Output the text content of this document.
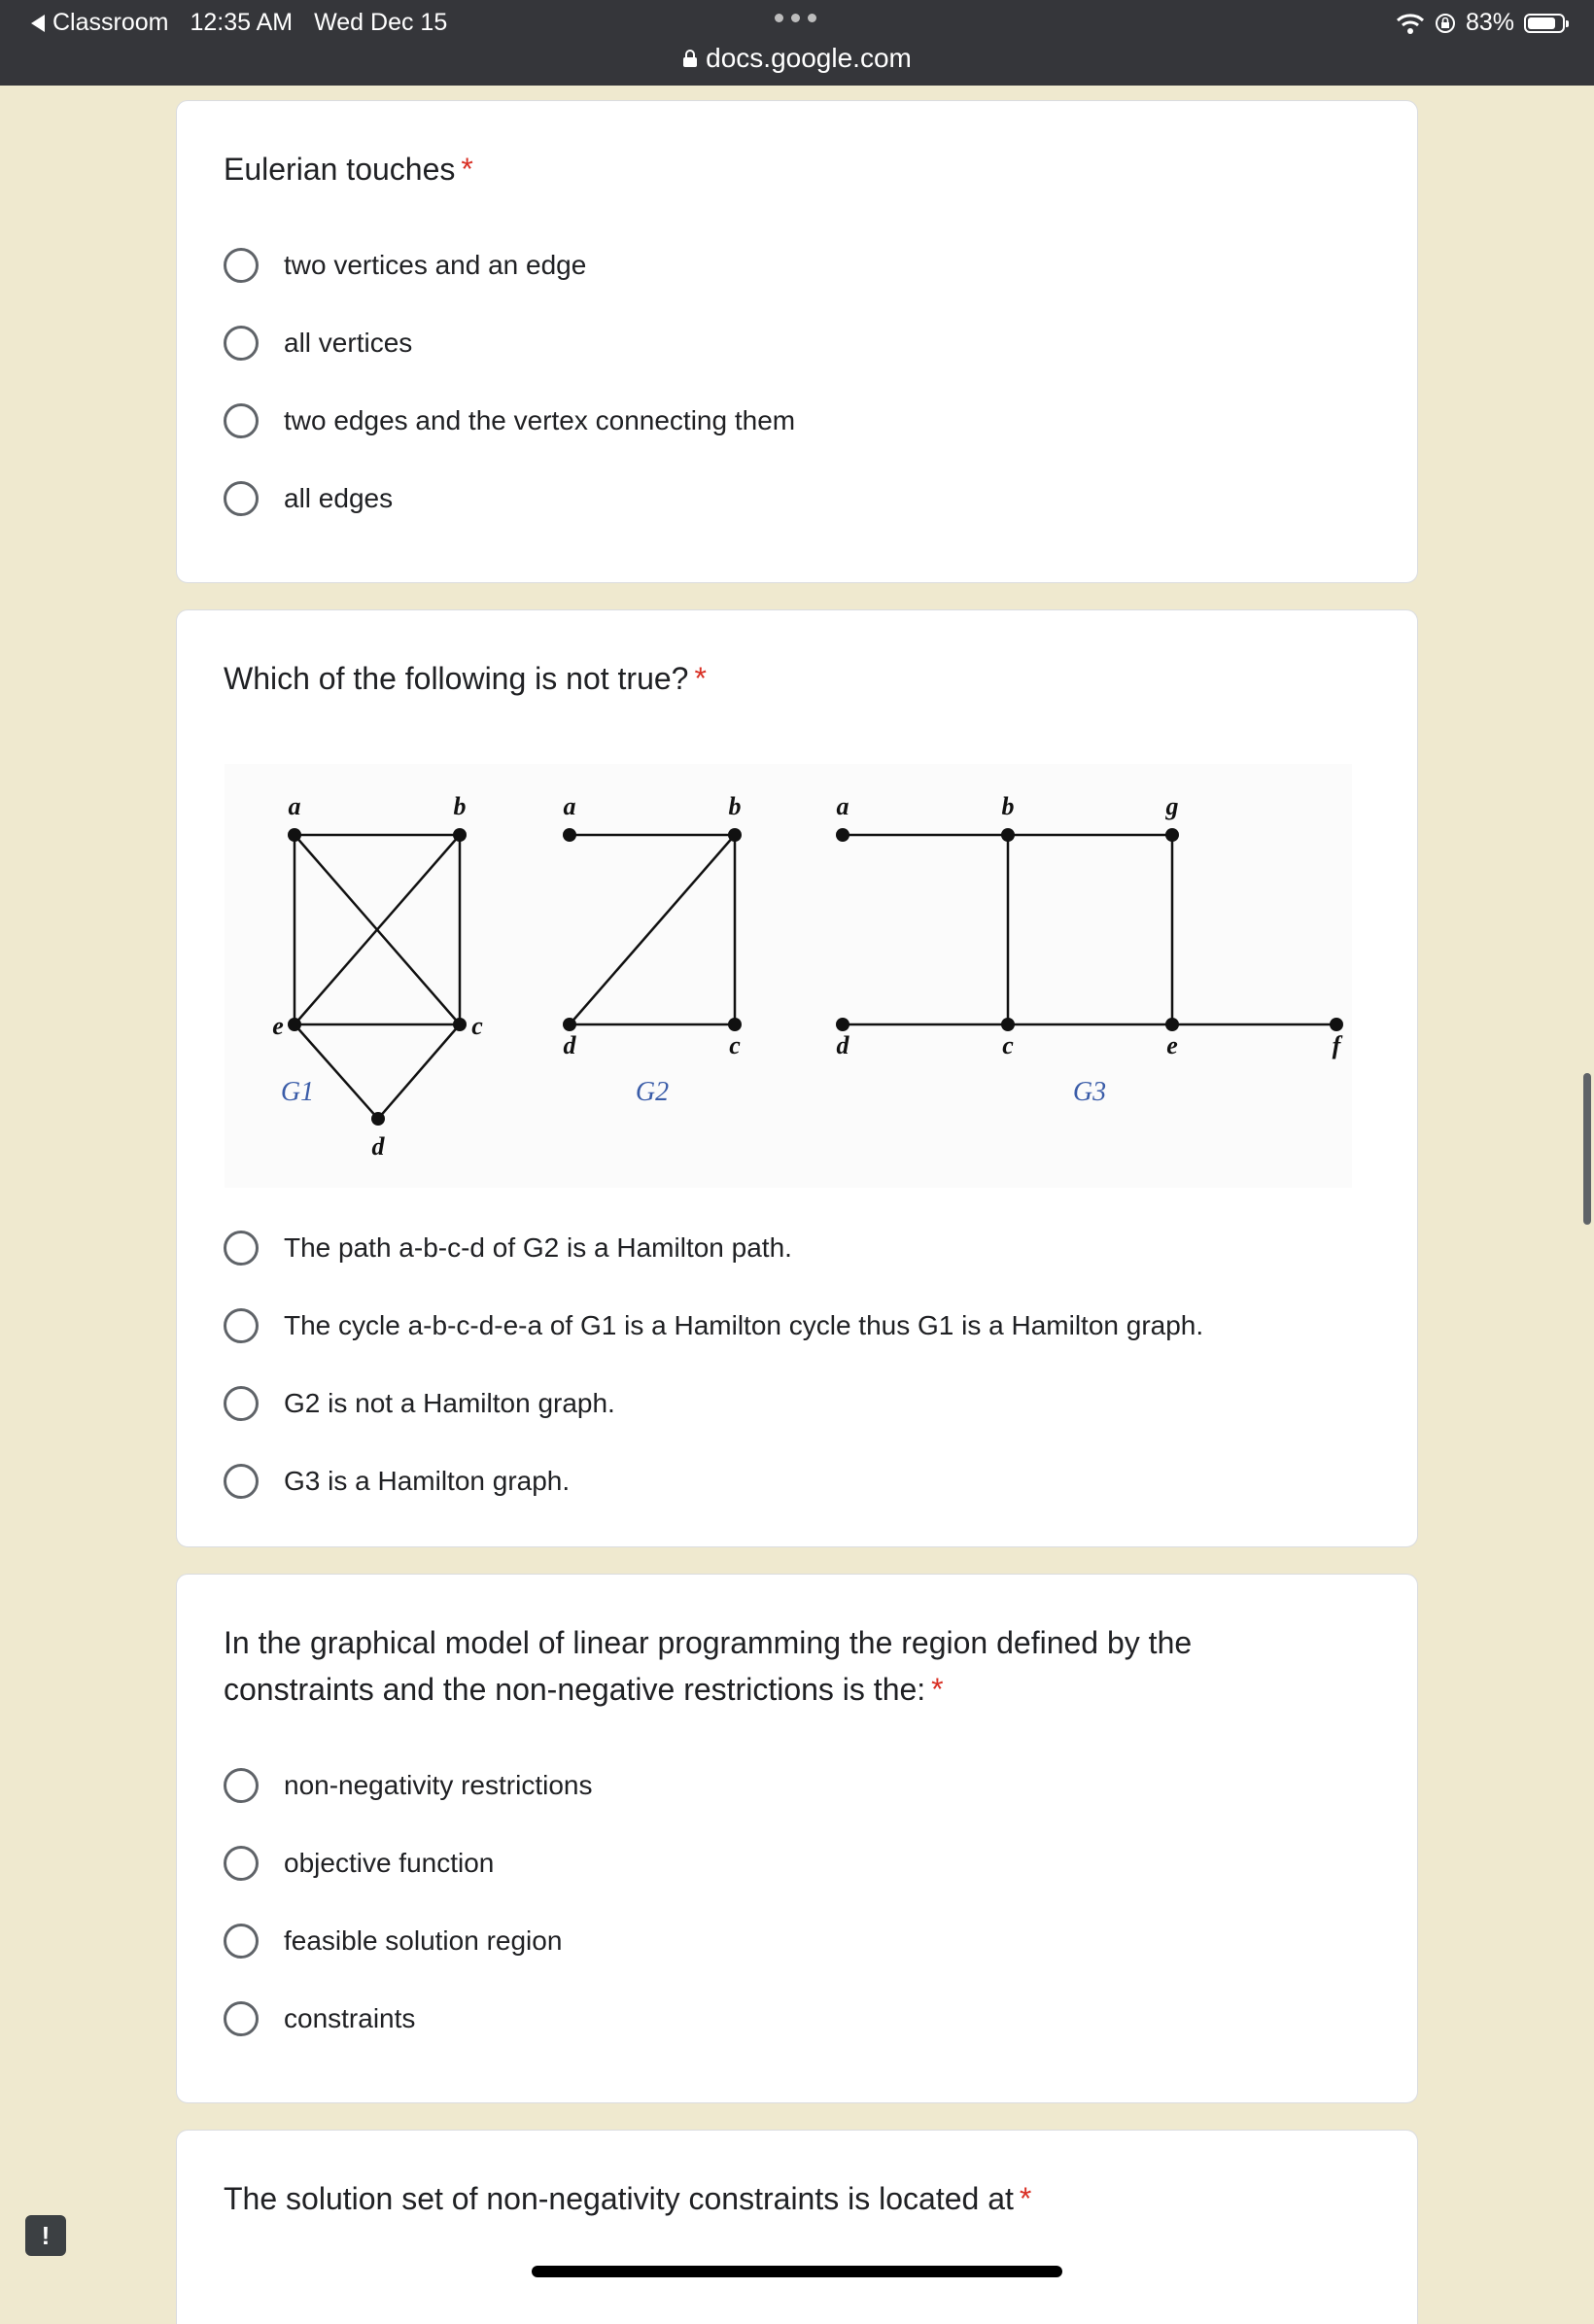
Classroom 12:35 AM Wed Dec 15
docs.google.com
83%
Eulerian touches *
two vertices and an edge
all vertices
two edges and the vertex connecting them
all edges
Which of the following is not true? *
a	b
c
d
e
a	b
c
d
a	b	g
d	c	e	f
G1	G2	G3
The path a-b-c-d of G2 is a Hamilton path.
The cycle a-b-c-d-e-a of G1 is a Hamilton cycle thus G1 is a Hamilton graph.
G2 is not a Hamilton graph.
G3 is a Hamilton graph.
In the graphical model of linear programming the region defined by the constraints and the non-negative restrictions is the: *
non-negativity restrictions
objective function
feasible solution region
constraints
The solution set of non-negativity constraints is located at *
!
